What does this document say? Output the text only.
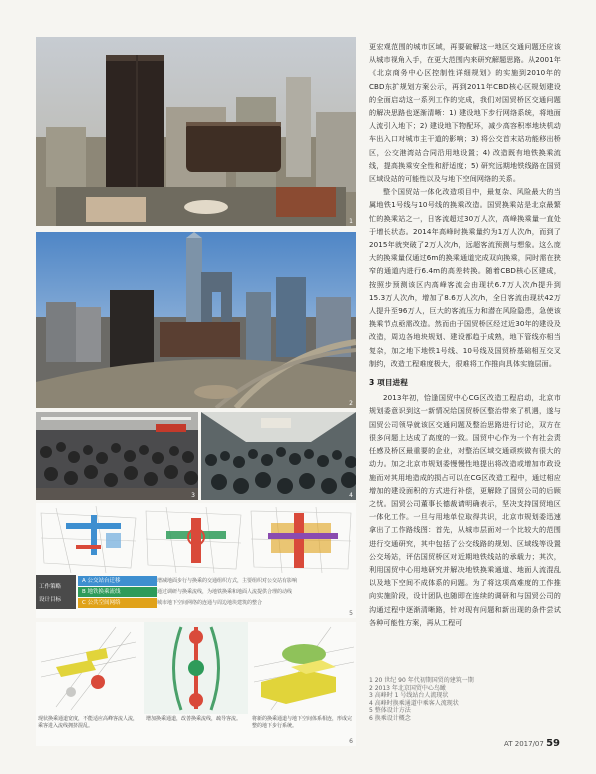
1
2
3	4
工作策略
设计目标
A 公交站台迁移
B 地铁换乘流线
C 公共空间网络
增减地面步行与换乘的交通组织方式，主要组织对公交站有影响
通过调研与换乘流线，为地铁换乘和地面人流提供合理的动线
城市地下空间网络的连通与周边地块建筑的整合
5
现状换乘通道宽度，不能适应高峰客流人流，乘客进入流线拥挤混乱。
增加换乘通道，改善换乘流线，疏导客流。	将新的换乘通道与地下空间体系相连，形成完整的地下步行系统。
6

更宏观范围的城市区域，再要破解这一地区交通问题还应该从城市视角入手，在更大范围内来研究解题思路。从2001年《北京商务中心区控制性详细规划》的实施到2010年的CBD东扩规划方案公示，再到2011年CBD核心区规划建设的全面启动这一系列工作的完成，我们对国贸桥区交通问题的解决思路也逐渐清晰：1) 建设地下步行网络系统，将地面人流引入地下；2) 建设地下物配环，减少高容积率地块机动车出入口对城市主干道的影响；3) 将公交首末站功能移出桥区，公交港湾站合同沿用地设置；4) 改造既有地铁换乘流线，提高换乘安全性和舒适度；5) 研究远期地铁线路在国贸区域设站的可能性以及与地下空间网络的关系。

整个国贸站一体化改造项目中，最复杂、风险最大的当属地铁1号线与10号线的换乘改造。国贸换乘站是北京最繁忙的换乘站之一，日客流超过30万人次，高峰换乘量一直处于增长状态。2014年高峰时换乘量约为1万人次/h，而到了2015年就突破了2万人次/h，远超客流预测与想象。这么庞大的换乘量仅通过6m的换乘通道完成双向换乘，同时需在狭窄的通道内进行6.4m的高差转换。随着CBD核心区建成，按照步预测该区内高峰客流会由现状6.7万人次/h提升到15.3万人次/h，增加了8.6万人次/h，全日客流由现状42万人提升至96万人，巨大的客流压力和潜在风险隐患，急使该换乘节点亟需改造。然而由于国贸桥区经过近30年的建设及改造，周边各地块规划、建设都趋于成熟，地下管线亦相当复杂，加之地下地铁1号线、10号线及国贸桥基础相互交叉制约，改造工程难度极大，很难将工作推向具体实施层面。

3 项目进程

2013年初，恰逢国贸中心CG区改造工程启动，北京市规划委意识到这一新情况给国贸桥区整治带来了机遇，遂与国贸公司领导就该区交通问题及整治思路进行讨论，双方在很多问题上达成了高度的一致。国贸中心作为一个有社会责任感及桥区最重要的企业，对整治区域交通顽疾做有很大的动力。加之北京市规划委慢慢性地提出将改造或增加市政设施而对其用地造成的损占可以在CG区改造工程中，通过相应增加的建设面积的方式进行补偿，更解除了国贸公司的后顾之忧。国贸公司董事长德裁请明确表示，坚决支持国贸地区一体化工作。一旦与用地单位取得共识，北京市规划委迅速拿出了工作路线图：首先，从城市层面对一个比较大的范围进行交通研究，其中包括了公交线路的规划、区域线等设置公交场站，评估国贸桥区对近期地铁线站的承载力；其次，利用国贸中心用地研究并解决地铁换乘通道、地面人流混乱以及地下空间不成体系的问题。为了将这项高难度的工作推向实施阶段，设计团队也随即在连续的调研和与国贸公司的沟通过程中逐渐清晰路，针对现有问题和新出现的条件尝试各种可能性方案，再从工程可

1 20 世纪 90 年代初期国贸的建筑一期
2 2013 年北京国贸中心鸟瞰
3 高峰时 1 号线站台人流现状
4 高峰时换乘通道中乘客人流现状
5 整体设计方法
6 换乘设计概念
AT 2017/07 59
